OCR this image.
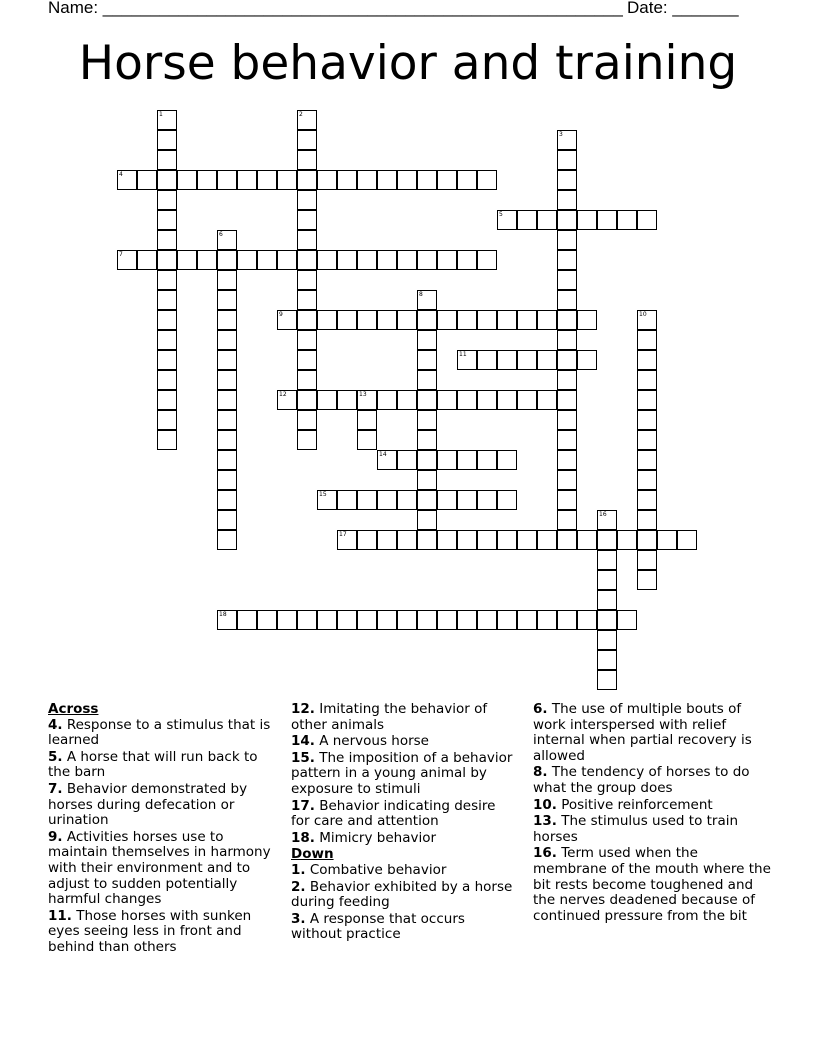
Name: _______________________________________________________ Date: _______
Horse behavior and training
1	2
3
4
5
6
7
8
9	10
11
12	13
14
15
16
17
18

Across

4. Response to a stimulus that is learned

5. A horse that will run back to the barn

7. Behavior demonstrated by horses during defecation or urination

9. Activities horses use to maintain themselves in harmony with their environment and to adjust to sudden potentially harmful changes

11. Those horses with sunken eyes seeing less in front and behind than others

12. Imitating the behavior of other animals

14. A nervous horse

15. The imposition of a behavior pattern in a young animal by exposure to stimuli

17. Behavior indicating desire for care and attention

18. Mimicry behavior

Down

1. Combative behavior

2. Behavior exhibited by a horse during feeding

3. A response that occurs without practice

6. The use of multiple bouts of work interspersed with relief internal when partial recovery is allowed

8. The tendency of horses to do what the group does

10. Positive reinforcement

13. The stimulus used to train horses

16. Term used when the membrane of the mouth where the bit rests become toughened and the nerves deadened because of continued pressure from the bit
